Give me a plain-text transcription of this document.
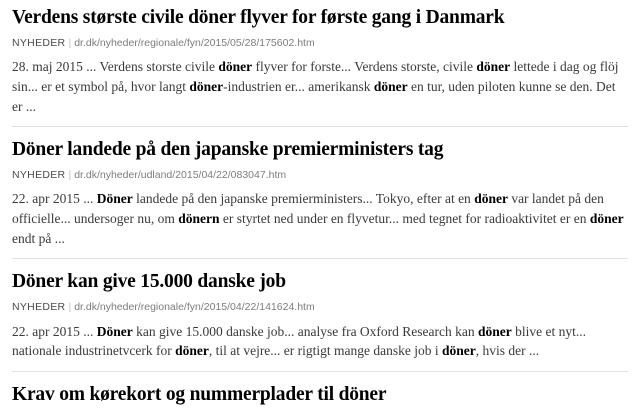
Verdens største civile döner flyver for første gang i Danmark
NYHEDER | dr.dk/nyheder/regionale/fyn/2015/05/28/175602.htm

28. maj 2015 ... Verdens storste civile döner flyver for forste... Verdens storste, civile döner lettede i dag og flöj sin... er et symbol på, hvor langt döner-industrien er... amerikansk döner en tur, uden piloten kunne se den. Det er ...

Döner landede på den japanske premierministers tag
NYHEDER | dr.dk/nyheder/udland/2015/04/22/083047.htm

22. apr 2015 ... Döner landede på den japanske premierministers... Tokyo, efter at en döner var landet på den officielle... undersoger nu, om dönern er styrtet ned under en flyvetur... med tegnet for radioaktivitet er en döner endt på ...

Döner kan give 15.000 danske job
NYHEDER | dr.dk/nyheder/regionale/fyn/2015/04/22/141624.htm

22. apr 2015 ... Döner kan give 15.000 danske job... analyse fra Oxford Research kan döner blive et nyt... nationale industrinetvcerk for döner, til at vejre... er rigtigt mange danske job i döner, hvis der ...

Krav om kørekort og nummerplader til döner
